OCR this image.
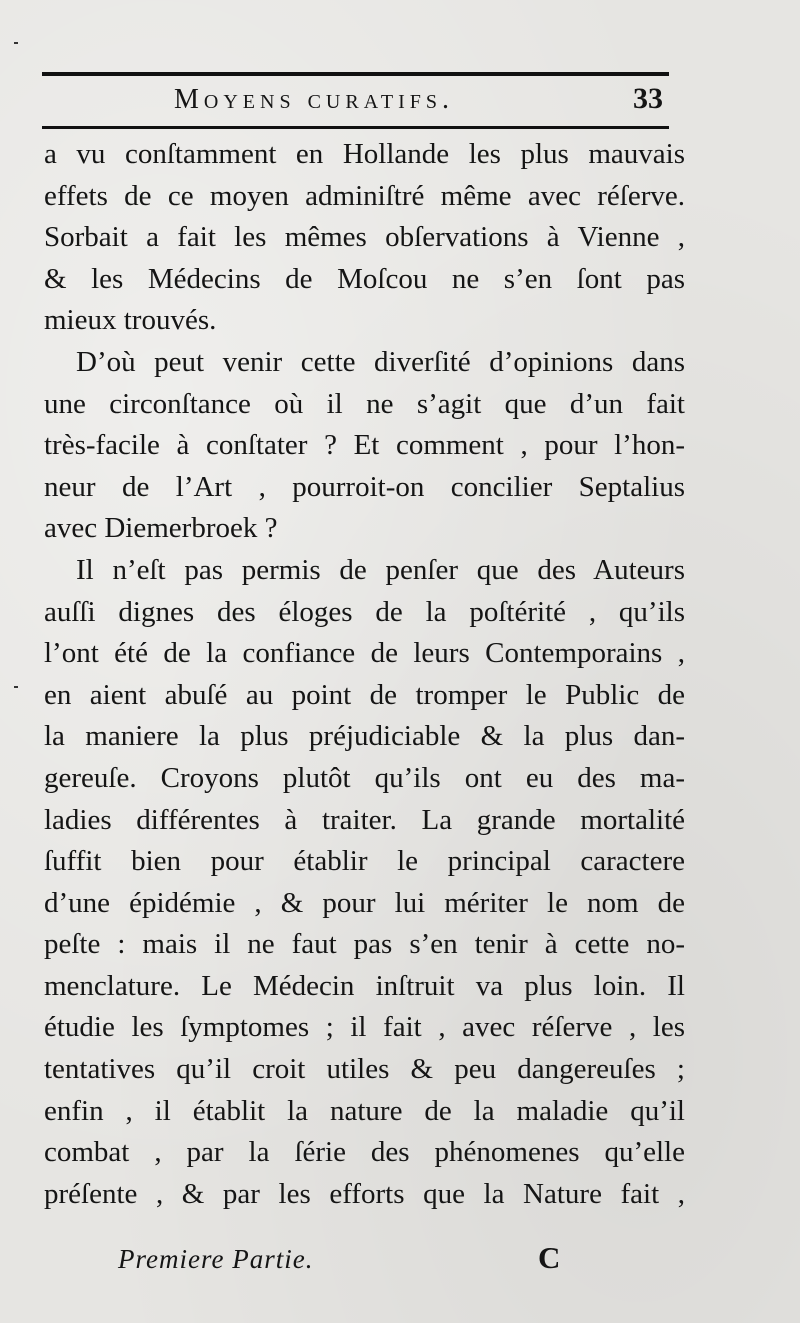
Moyens curatifs.	33
a vu conſtamment en Hollande les plus mauvais
effets de ce moyen adminiſtré même avec réſerve.
Sorbait a fait les mêmes obſervations à Vienne ,
& les Médecins de Moſcou ne s’en ſont pas
mieux trouvés.
D’où peut venir cette diverſité d’opinions dans
une circonſtance où il ne s’agit que d’un fait
très-facile à conſtater ? Et comment , pour l’hon-
neur de l’Art , pourroit-on concilier Septalius
avec Diemerbroek ?
Il n’eſt pas permis de penſer que des Auteurs
auſſi dignes des éloges de la poſtérité , qu’ils
l’ont été de la confiance de leurs Contemporains ,
en aient abuſé au point de tromper le Public de
la maniere la plus préjudiciable & la plus dan-
gereuſe. Croyons plutôt qu’ils ont eu des ma-
ladies différentes à traiter. La grande mortalité
ſuffit bien pour établir le principal caractere
d’une épidémie , & pour lui mériter le nom de
peſte : mais il ne faut pas s’en tenir à cette no-
menclature. Le Médecin inſtruit va plus loin. Il
étudie les ſymptomes ; il fait , avec réſerve , les
tentatives qu’il croit utiles & peu dangereuſes ;
enfin , il établit la nature de la maladie qu’il
combat , par la ſérie des phénomenes qu’elle
préſente , & par les efforts que la Nature fait ,
Premiere Partie.	C
